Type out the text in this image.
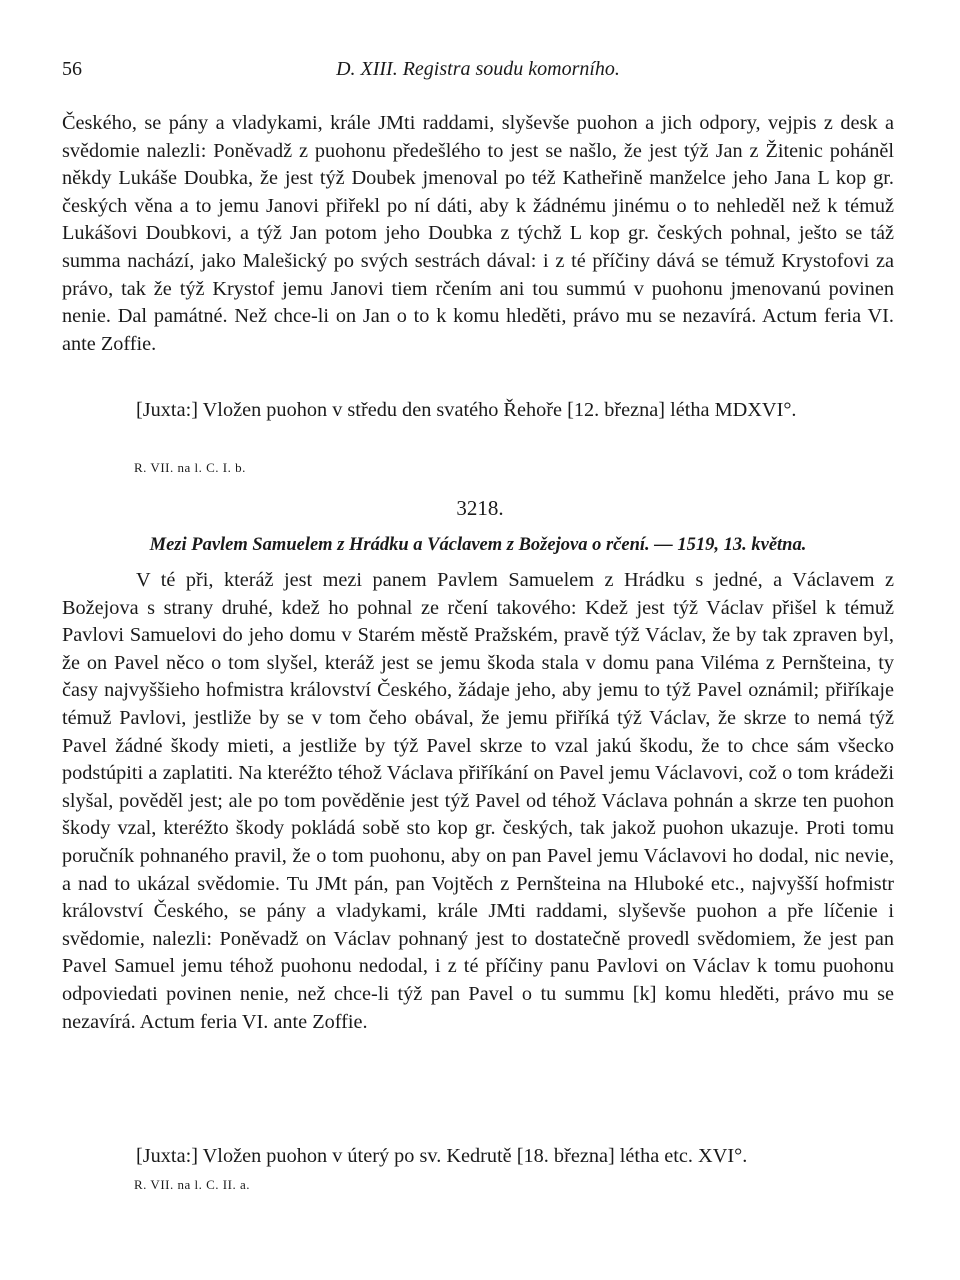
56	D. XIII. Registra soudu komorního.

Českého, se pány a vladykami, krále JMti raddami, slyševše puohon a jich odpory, vejpis z desk a svědomie nalezli: Poněvadž z puohonu předešlého to jest se našlo, že jest týž Jan z Žitenic poháněl někdy Lukáše Doubka, že jest týž Doubek jmenoval po též Katheřině manželce jeho Jana L kop gr. českých věna a to jemu Janovi přiřekl po ní dáti, aby k žádnému jinému o to nehleděl než k témuž Lukášovi Doubkovi, a týž Jan potom jeho Doubka z týchž L kop gr. českých pohnal, ješto se táž summa nachází, jako Malešický po svých sestrách dával: i z té příčiny dává se témuž Krystofovi za právo, tak že týž Krystof jemu Janovi tiem rčením ani tou summú v puohonu jmenovanú povinen nenie. Dal památné. Než chce-li on Jan o to k komu hleděti, právo mu se nezavírá. Actum feria VI. ante Zoffie.

[Juxta:] Vložen puohon v středu den svatého Řehoře [12. března] létha MDXVI°.

R. VII. na l. C. I. b.
3218.
Mezi Pavlem Samuelem z Hrádku a Václavem z Božejova o rčení. — 1519, 13. května.

V té při, kteráž jest mezi panem Pavlem Samuelem z Hrádku s jedné, a Václavem z Božejova s strany druhé, kdež ho pohnal ze rčení takového: Kdež jest týž Václav přišel k témuž Pavlovi Samuelovi do jeho domu v Starém městě Pražském, pravě týž Václav, že by tak zpraven byl, že on Pavel něco o tom slyšel, kteráž jest se jemu škoda stala v domu pana Viléma z Pernšteina, ty časy najvyššieho hofmistra království Českého, žádaje jeho, aby jemu to týž Pavel oznámil; přiříkaje témuž Pavlovi, jestliže by se v tom čeho obával, že jemu přiříká týž Václav, že skrze to nemá týž Pavel žádné škody mieti, a jestliže by týž Pavel skrze to vzal jakú škodu, že to chce sám všecko podstúpiti a zaplatiti. Na kteréžto téhož Václava přiříkání on Pavel jemu Václavovi, což o tom krádeži slyšal, pověděl jest; ale po tom pověděnie jest týž Pavel od téhož Václava pohnán a skrze ten puohon škody vzal, kteréžto škody pokládá sobě sto kop gr. českých, tak jakož puohon ukazuje. Proti tomu poručník pohnaného pravil, že o tom puohonu, aby on pan Pavel jemu Václavovi ho dodal, nic nevie, a nad to ukázal svědomie. Tu JMt pán, pan Vojtěch z Pernšteina na Hluboké etc., najvyšší hofmistr království Českého, se pány a vladykami, krále JMti raddami, slyševše puohon a pře líčenie i svědomie, nalezli: Poněvadž on Václav pohnaný jest to dostatečně provedl svědomiem, že jest pan Pavel Samuel jemu téhož puohonu nedodal, i z té příčiny panu Pavlovi on Václav k tomu puohonu odpoviedati povinen nenie, než chce-li týž pan Pavel o tu summu [k] komu hleděti, právo mu se nezavírá. Actum feria VI. ante Zoffie.

[Juxta:] Vložen puohon v úterý po sv. Kedrutě [18. března] létha etc. XVI°.

R. VII. na l. C. II. a.
